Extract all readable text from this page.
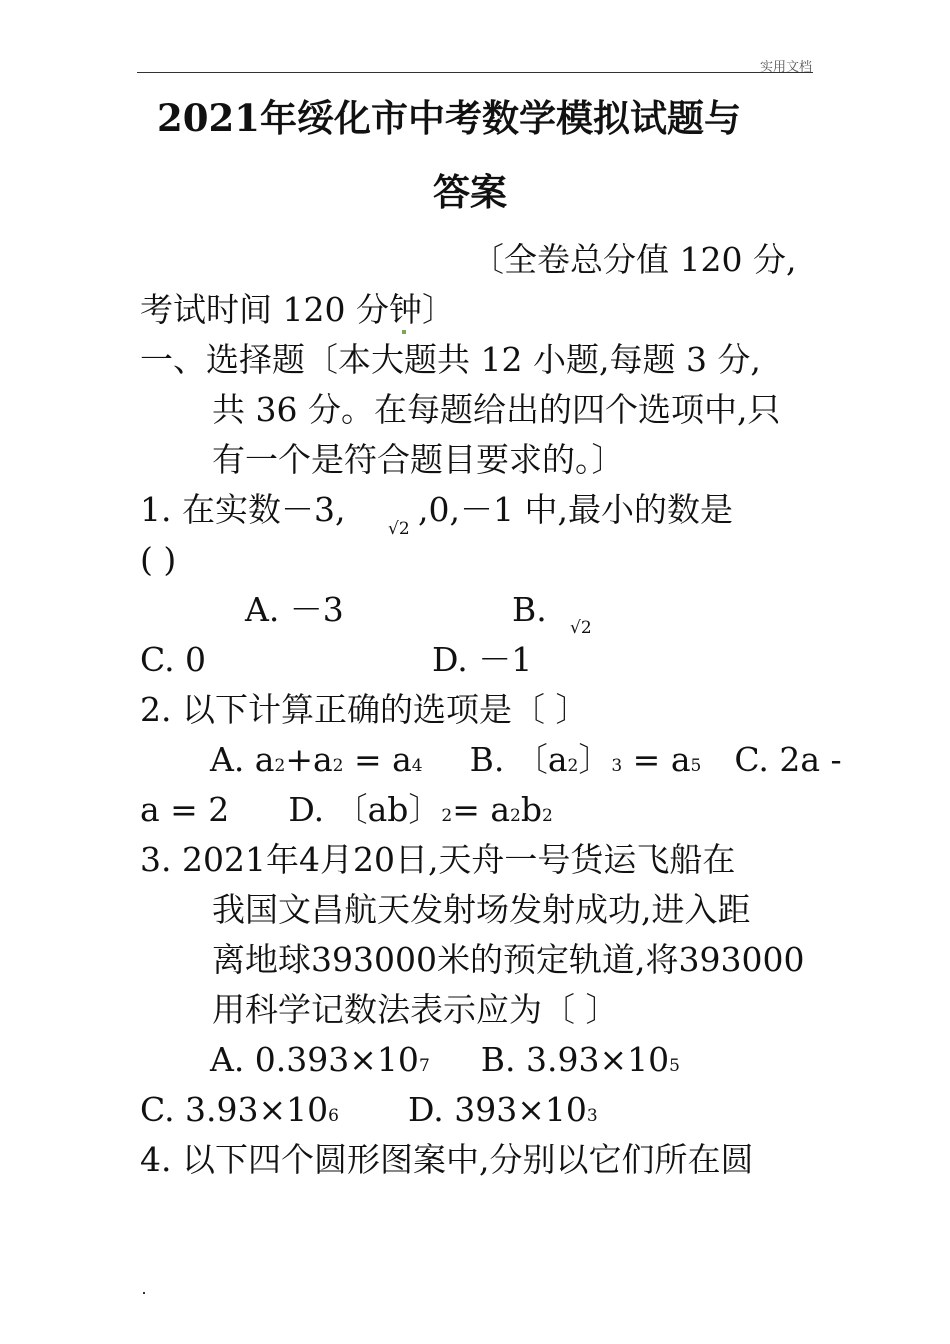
实用文档
2021年绥化市中考数学模拟试题与
答案
〔全卷总分值 120 分,
考试时间 120 分钟〕
一、选择题〔本大题共 12 小题,每题 3 分,
共 36 分。在每题给出的四个选项中,只
有一个是符合题目要求的。〕
1. 在实数－3,	√2 ,0,－1 中,最小的数是
( )
A. －3	B. √2
C. 0	D. －1
2. 以下计算正确的选项是〔 〕
A. a2+a2 = a4 B. 〔a2〕3 = a5 C. 2a -
a = 2 D. 〔ab〕2= a2b2
3. 2021年4月20日,天舟一号货运飞船在
我国文昌航天发射场发射成功,进入距
离地球393000米的预定轨道,将393000
用科学记数法表示应为〔 〕
A. 0.393×107 B. 3.93×105
C. 3.93×106 D. 393×103
4. 以下四个圆形图案中,分别以它们所在圆
